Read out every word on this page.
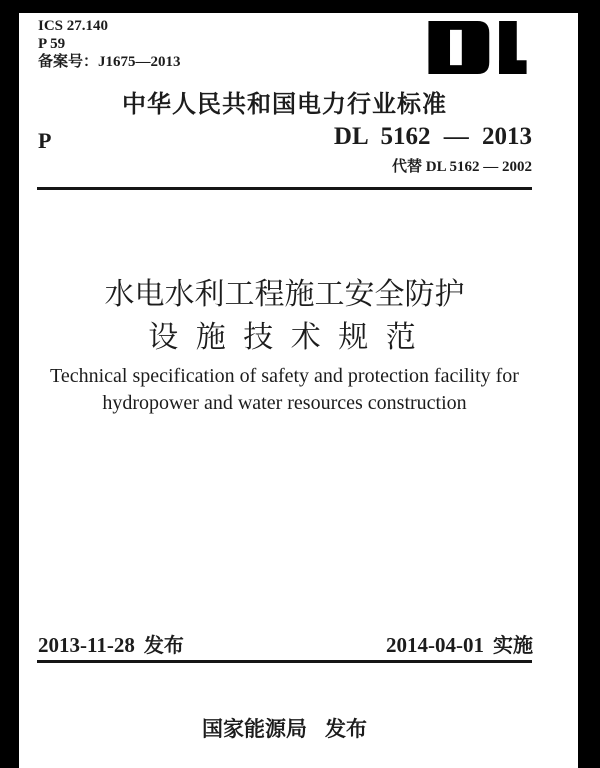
ICS 27.140
P 59
备案号：J1675—2013
中华人民共和国电力行业标准
P	DL 5162 — 2013
代替 DL 5162 — 2002
水电水利工程施工安全防护
设 施 技 术 规 范
Technical specification of safety and protection facility for
hydropower and water resources construction
2013-11-28 发布	2014-04-01 实施
国家能源局 发布
